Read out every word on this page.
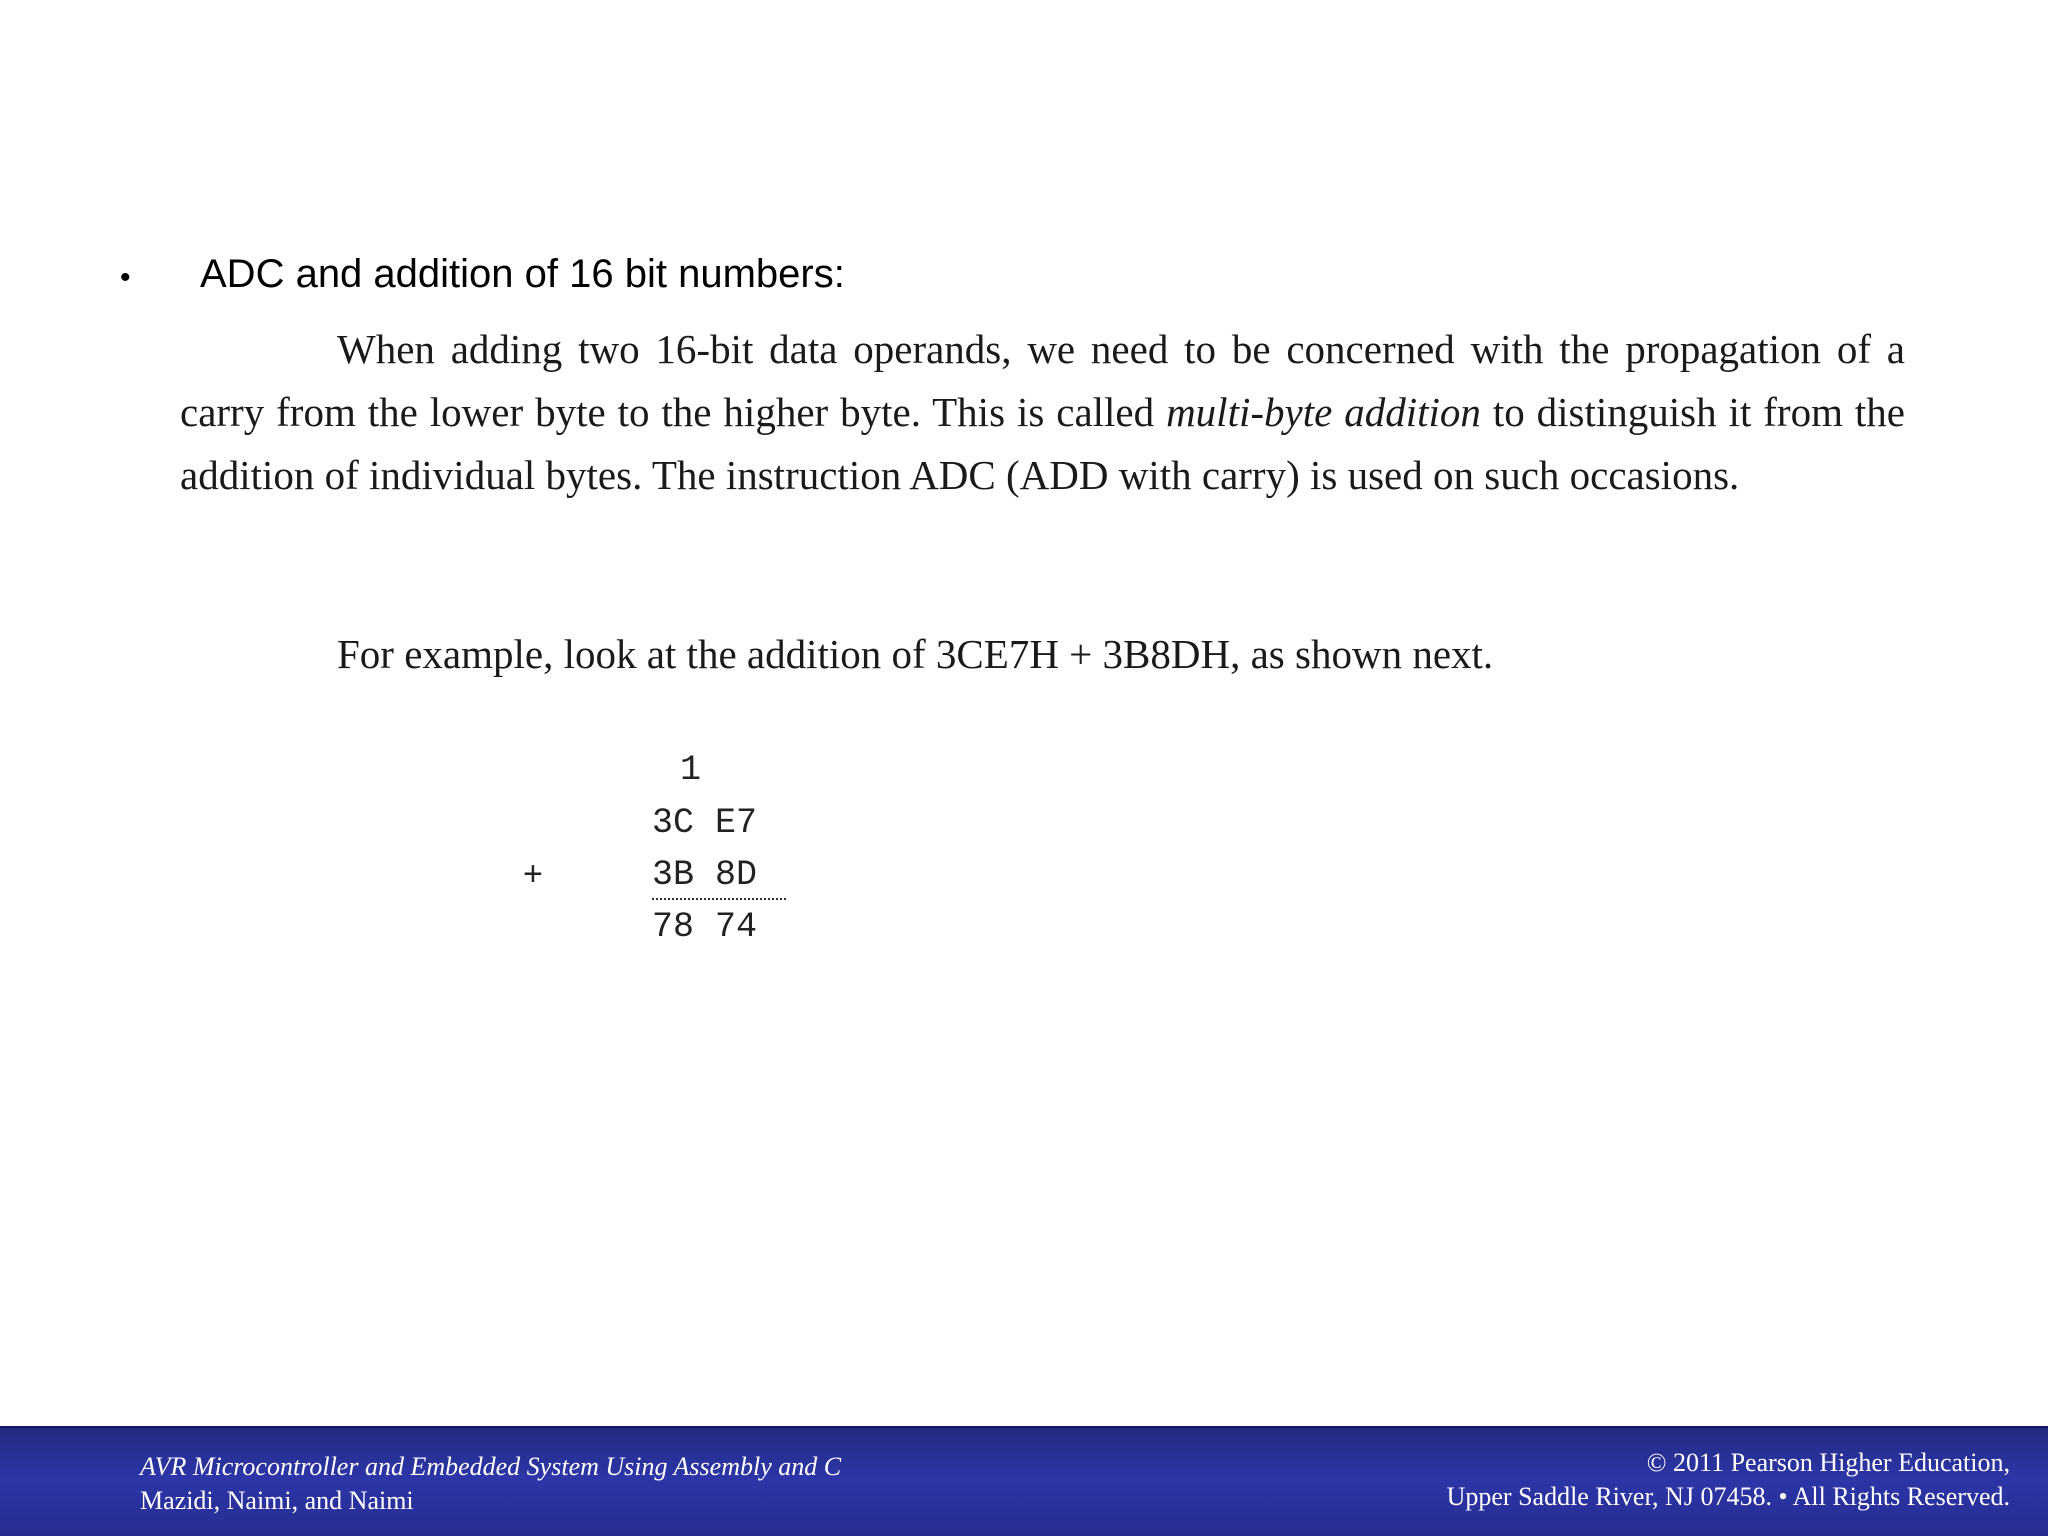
•	ADC and addition of 16 bit numbers:
When adding two 16-bit data operands, we need to be concerned with the propagation of a carry from the lower byte to the higher byte. This is called multi-byte addition to distinguish it from the addition of individual bytes. The instruction ADC (ADD with carry) is used on such occasions.
For example, look at the addition of 3CE7H + 3B8DH, as shown next.
1
3C E7
+	3B 8D
78 74
AVR Microcontroller and Embedded System Using Assembly and C
Mazidi, Naimi, and Naimi
© 2011 Pearson Higher Education,
Upper Saddle River, NJ 07458. • All Rights Reserved.
